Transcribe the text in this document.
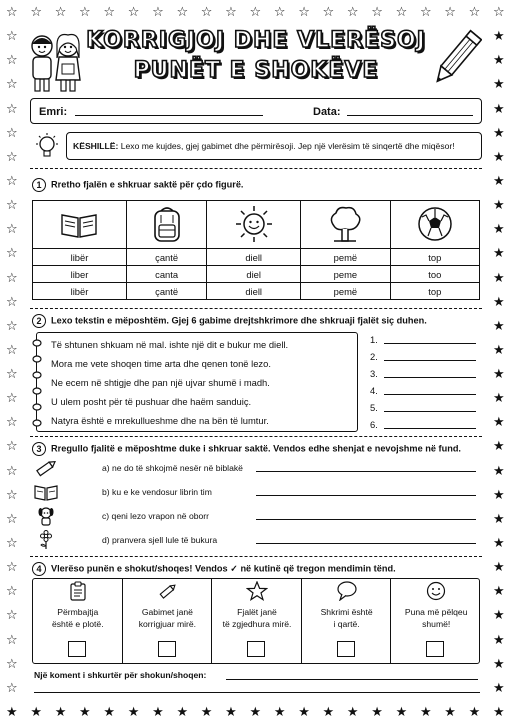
☆
★
☆
★
☆
★
☆
★
☆
★
☆
★
☆
★
☆
★
☆
★
☆
★
☆
★
☆
★
☆
★
☆
★
☆
★
☆
★
☆
★
☆
★
☆
★
☆
★
☆
★
☆	★
☆	★
☆	★
☆	★
☆	★
☆	★
☆	★
☆	★
☆	★
☆	★
☆	★
☆	★
☆	★
☆	★
☆	★
☆	★
☆	★
☆	★
☆	★
☆	★
☆	★
☆	★
☆	★
☆	★
☆	★
☆	★
☆	★
☆	★
KORRIGJOJ DHE VLERËSOJ
PUNËT E SHOKËVE
Emri:	Data:
KËSHILLË: Lexo me kujdes, gjej gabimet dhe përmirësoji. Jep një vlerësim të sinqertë dhe miqësor!
1 Rretho fjalën e shkruar saktë për çdo figurë.

libër	çantë	diell	pemë	top
liber	canta	diel	peme	too
libër	çantë	diell	pemë	top
2 Lexo tekstin e mëposhtëm. Gjej 6 gabime drejtshkrimore dhe shkruaji fjalët siç duhen.
Të shtunen shkuam në mal. ishte një dit e bukur me diell.
Mora me vete shoqen time arta dhe qenen tonë lezo.
Ne ecem në shtigje dhe pan një ujvar shumë i madh.
U ulem posht për të pushuar dhe haëm sanduiç.
Natyra është e mrekullueshme dhe na bën të lumtur.
1.
2.
3.
4.
5.
6.
3 Rregullo fjalitë e mëposhtme duke i shkruar saktë. Vendos edhe shenjat e nevojshme në fund.
a) ne do të shkojmë nesër në biblakë
b) ku e ke vendosur librin tim
c) qeni lezo vrapon në oborr
d) pranvera sjell lule të bukura
4 Vlerëso punën e shokut/shoqes! Vendos ✓ në kutinë që tregon mendimin tënd.
Përmbajtja
është e plotë.
Gabimet janë
korrigjuar mirë.
Fjalët janë
të zgjedhura mirë.
Shkrimi është
i qartë.
Puna më pëlqeu
shumë!
Një koment i shkurtër për shokun/shoqen:
